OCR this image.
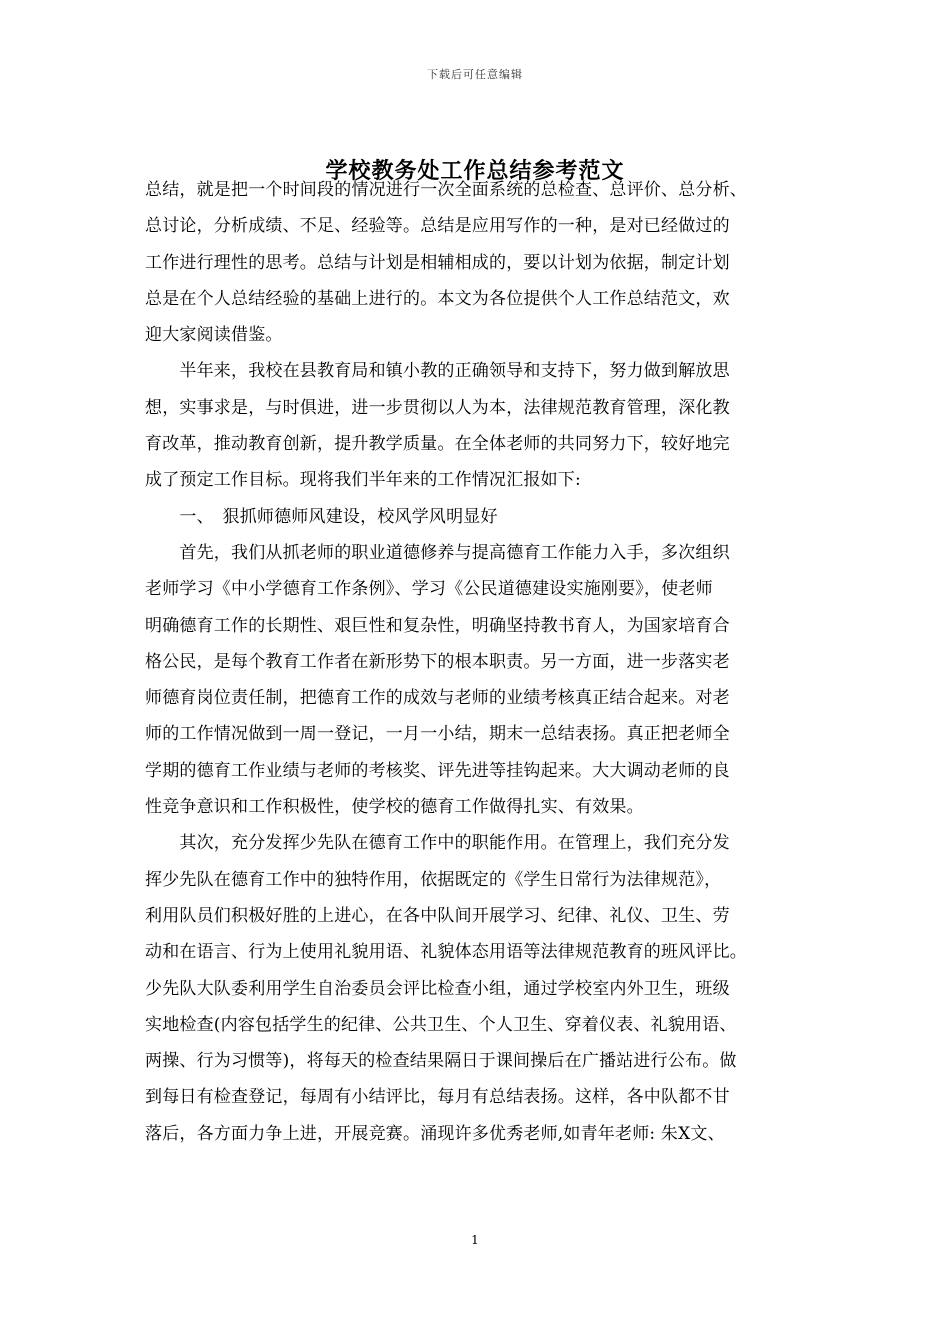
下载后可任意编辑
学校教务处工作总结参考范文
总结，就是把一个时间段的情况进行一次全面系统的总检查、总评价、总分析、
总讨论，分析成绩、不足、经验等。总结是应用写作的一种，是对已经做过的
工作进行理性的思考。总结与计划是相辅相成的，要以计划为依据，制定计划
总是在个人总结经验的基础上进行的。本文为各位提供个人工作总结范文，欢
迎大家阅读借鉴。
　　半年来，我校在县教育局和镇小教的正确领导和支持下，努力做到解放思
想，实事求是，与时俱进，进一步贯彻以人为本，法律规范教育管理，深化教
育改革，推动教育创新，提升教学质量。在全体老师的共同努力下，较好地完
成了预定工作目标。现将我们半年来的工作情况汇报如下:
　　一、　狠抓师德师风建设，校风学风明显好
　　首先，我们从抓老师的职业道德修养与提高德育工作能力入手，多次组织
老师学习《中小学德育工作条例》、学习《公民道德建设实施刚要》，使老师
明确德育工作的长期性、艰巨性和复杂性，明确坚持教书育人，为国家培育合
格公民，是每个教育工作者在新形势下的根本职责。另一方面，进一步落实老
师德育岗位责任制，把德育工作的成效与老师的业绩考核真正结合起来。对老
师的工作情况做到一周一登记，一月一小结，期末一总结表扬。真正把老师全
学期的德育工作业绩与老师的考核奖、评先进等挂钩起来。大大调动老师的良
性竞争意识和工作积极性，使学校的德育工作做得扎实、有效果。
　　其次，充分发挥少先队在德育工作中的职能作用。在管理上，我们充分发
挥少先队在德育工作中的独特作用，依据既定的《学生日常行为法律规范》，
利用队员们积极好胜的上进心，在各中队间开展学习、纪律、礼仪、卫生、劳
动和在语言、行为上使用礼貌用语、礼貌体态用语等法律规范教育的班风评比。
少先队大队委利用学生自治委员会评比检查小组，通过学校室内外卫生，班级
实地检查(内容包括学生的纪律、公共卫生、个人卫生、穿着仪表、礼貌用语、
两操、行为习惯等)，将每天的检查结果隔日于课间操后在广播站进行公布。做
到每日有检查登记，每周有小结评比，每月有总结表扬。这样，各中队都不甘
落后，各方面力争上进，开展竞赛。涌现许多优秀老师,如青年老师: 朱X文、
1
